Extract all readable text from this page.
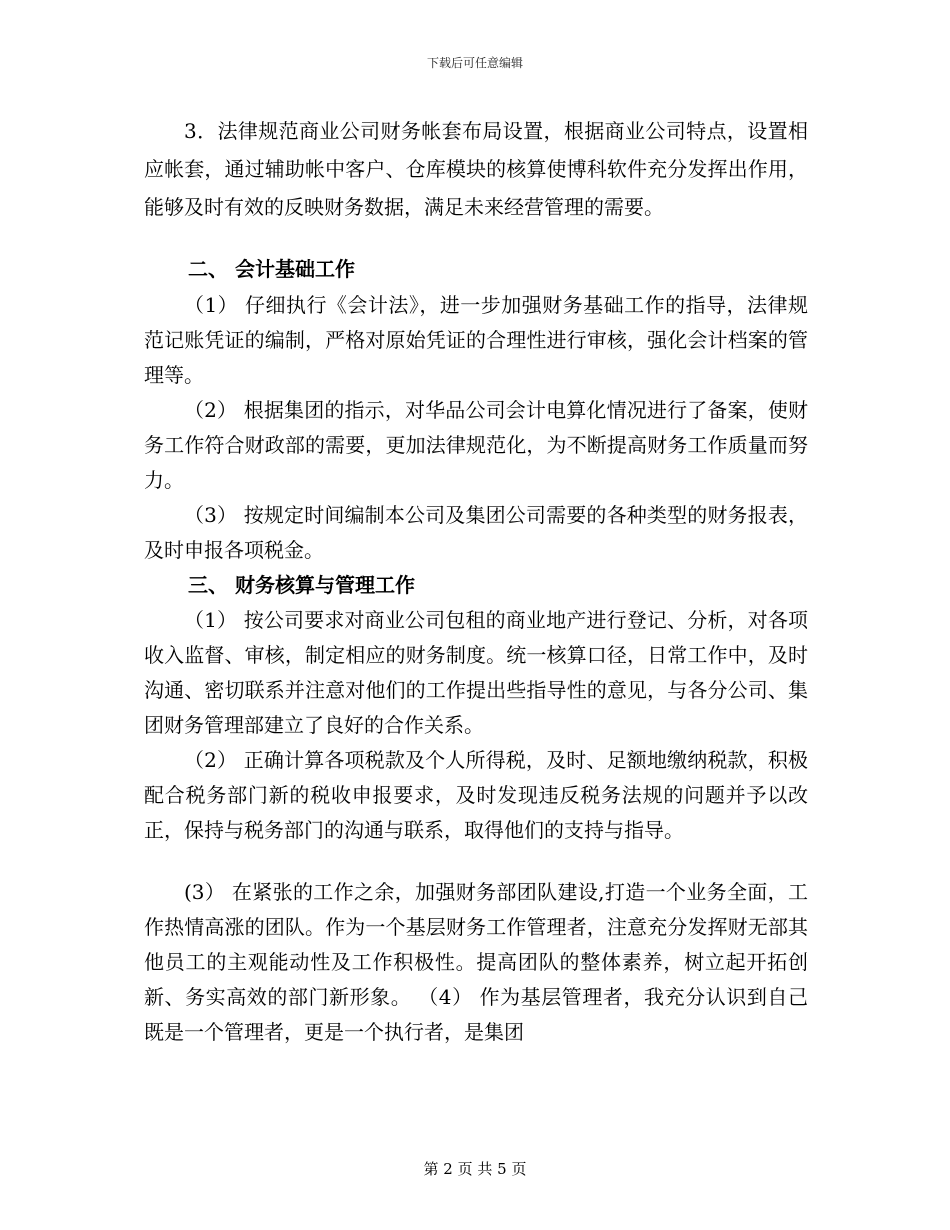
下载后可任意编辑

3．法律规范商业公司财务帐套布局设置，根据商业公司特点，设置相应帐套，通过辅助帐中客户、仓库模块的核算使博科软件充分发挥出作用，能够及时有效的反映财务数据，满足未来经营管理的需要。

二、 会计基础工作

（1） 仔细执行《会计法》，进一步加强财务基础工作的指导，法律规范记账凭证的编制，严格对原始凭证的合理性进行审核，强化会计档案的管理等。

（2） 根据集团的指示，对华品公司会计电算化情况进行了备案，使财务工作符合财政部的需要，更加法律规范化，为不断提高财务工作质量而努力。

（3） 按规定时间编制本公司及集团公司需要的各种类型的财务报表，及时申报各项税金。

三、 财务核算与管理工作

（1） 按公司要求对商业公司包租的商业地产进行登记、分析，对各项收入监督、审核，制定相应的财务制度。统一核算口径，日常工作中，及时沟通、密切联系并注意对他们的工作提出些指导性的意见，与各分公司、集团财务管理部建立了良好的合作关系。

（2） 正确计算各项税款及个人所得税，及时、足额地缴纳税款，积极配合税务部门新的税收申报要求，及时发现违反税务法规的问题并予以改正，保持与税务部门的沟通与联系，取得他们的支持与指导。

(3） 在紧张的工作之余，加强财务部团队建设,打造一个业务全面，工作热情高涨的团队。作为一个基层财务工作管理者，注意充分发挥财无部其他员工的主观能动性及工作积极性。提高团队的整体素养，树立起开拓创新、务实高效的部门新形象。 （4） 作为基层管理者，我充分认识到自己既是一个管理者，更是一个执行者，是集团

第 2 页 共 5 页
